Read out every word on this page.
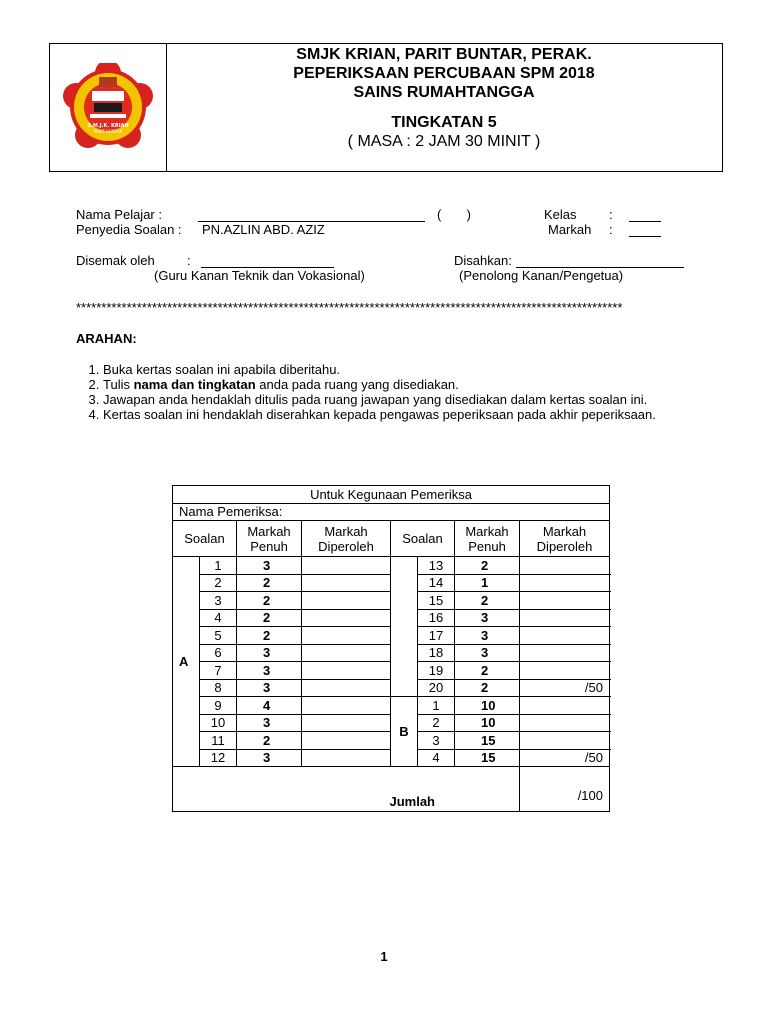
S.M.J.K. KRIAN
PARIT BUNTAR
SMJK KRIAN, PARIT BUNTAR, PERAK.
PEPERIKSAAN PERCUBAAN SPM 2018
SAINS RUMAHTANGGA
TINGKATAN 5
( MASA : 2 JAM 30 MINIT )
Nama Pelajar :	(       )	Kelas :
Penyedia Soalan : PN.AZLIN ABD. AZIZ	Markah :
Disemak oleh :	Disahkan:
(Guru Kanan Teknik dan Vokasional)	(Penolong Kanan/Pengetua)
************************************************************************************************************
ARAHAN:
1. Buka kertas soalan ini apabila diberitahu.
2. Tulis nama dan tingkatan anda pada ruang yang disediakan.
3. Jawapan anda hendaklah ditulis pada ruang jawapan yang disediakan dalam kertas soalan ini.
4. Kertas soalan ini hendaklah diserahkan kepada pengawas peperiksaan pada akhir peperiksaan.
Untuk Kegunaan Pemeriksa							
Nama Pemeriksa:							
Soalan		Markah Penuh	Markah Diperoleh	Soalan		Markah Penuh	Markah Diperoleh
A	1	3			13	2	
	2	2			14	1	
	3	2			15	2	
	4	2			16	3	
	5	2			17	3	
	6	3			18	3	
	7	3			19	2	
	8	3			20	2	/50
	9	4		B	1	10	
	10	3			2	10	
	11	2			3	15	
	12	3			4	15	/50
Jumlah							/100
1
